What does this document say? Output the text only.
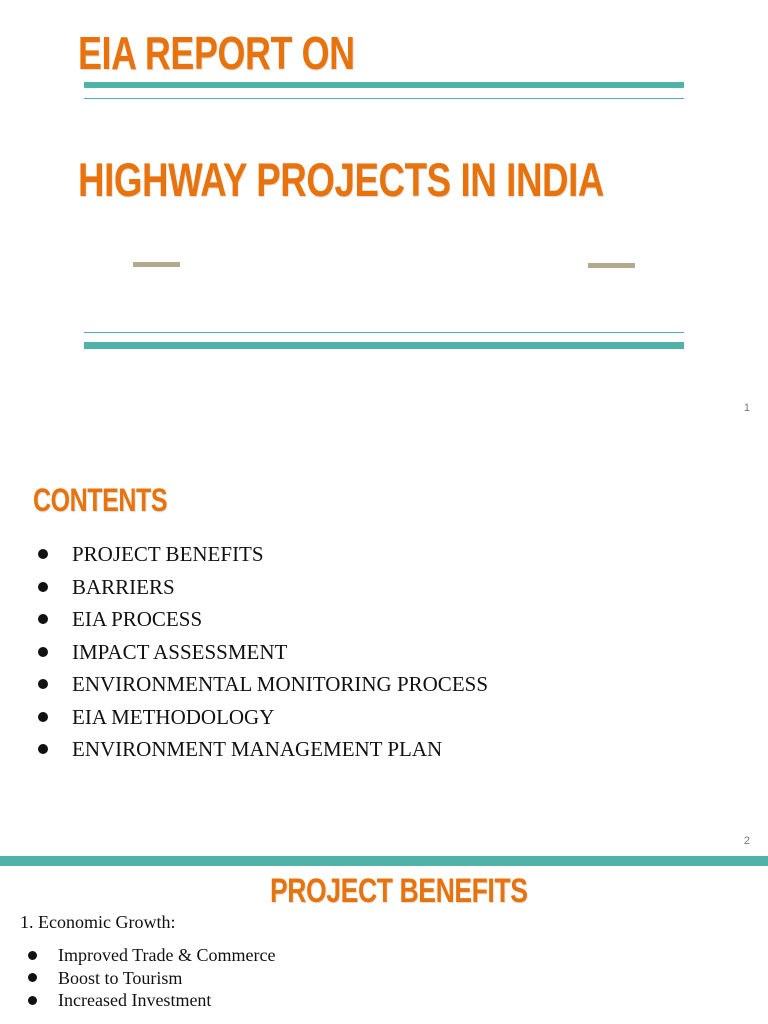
EIA REPORT ON
HIGHWAY PROJECTS IN INDIA
1
CONTENTS
PROJECT BENEFITS
BARRIERS
EIA PROCESS
IMPACT ASSESSMENT
ENVIRONMENTAL MONITORING PROCESS
EIA METHODOLOGY
ENVIRONMENT MANAGEMENT PLAN
2
PROJECT BENEFITS
1. Economic Growth:
Improved Trade & Commerce
Boost to Tourism
Increased Investment
